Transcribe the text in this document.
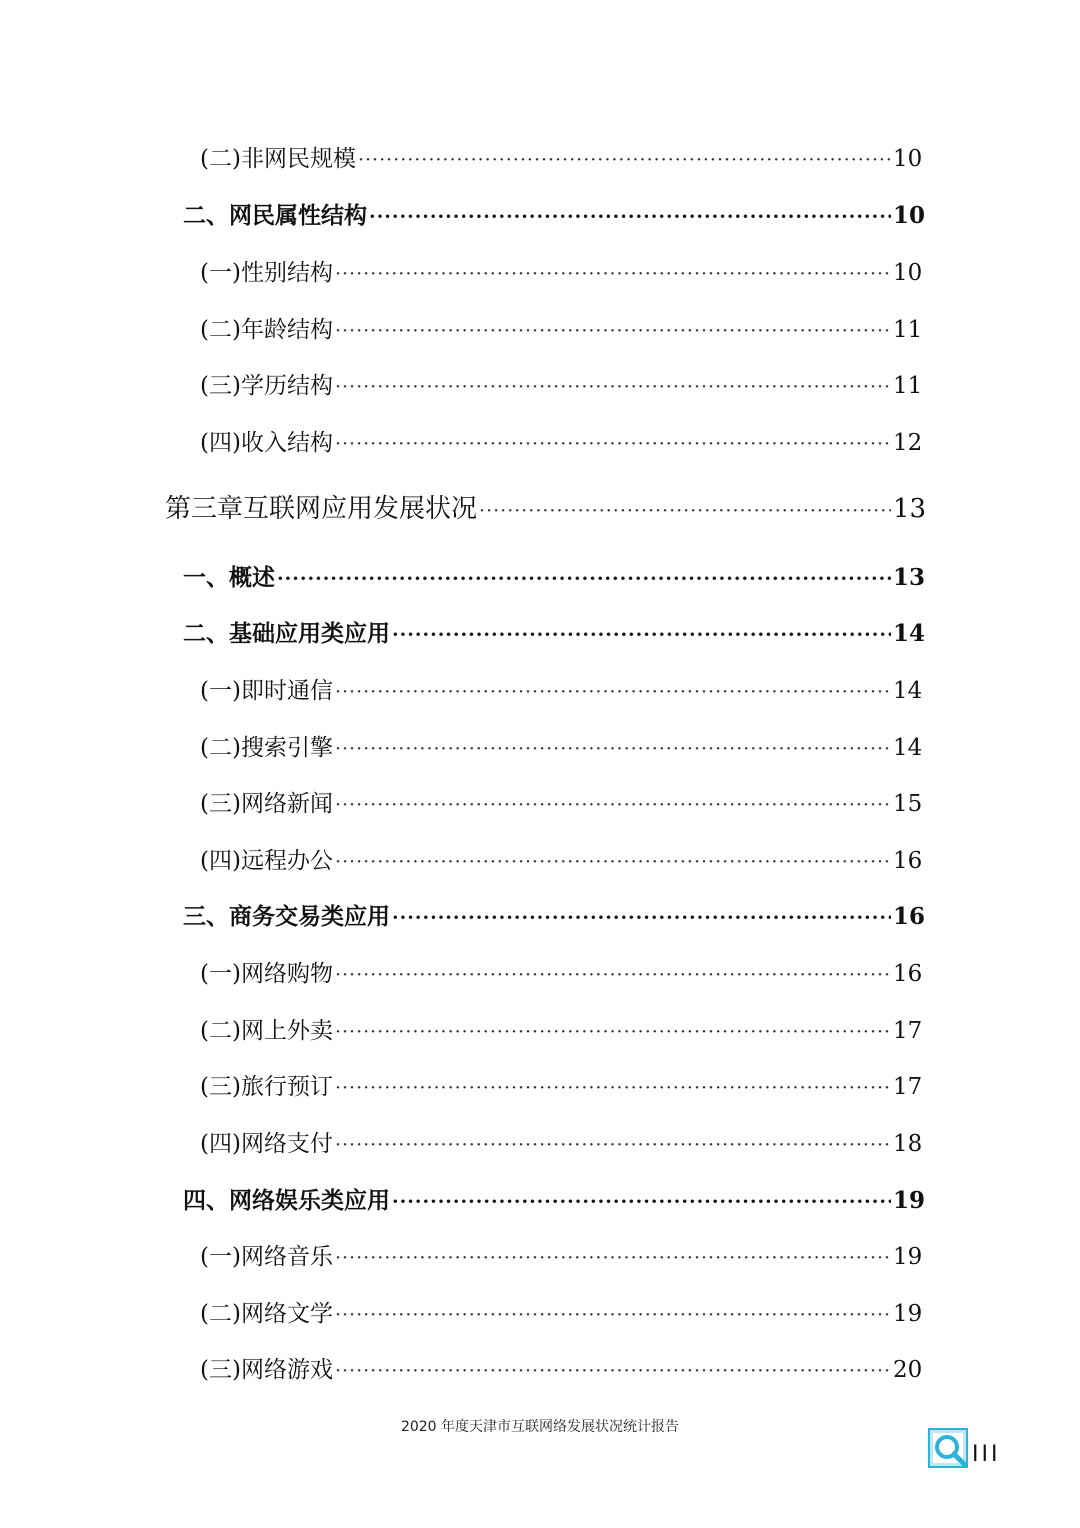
(二) 非网民规模 ·····	10
二、 网民属性结构 ·····	10
(一) 性别结构 ·····	10
(二) 年龄结构 ·····	11
(三) 学历结构 ·····	11
(四) 收入结构 ·····	12
第三章 互联网应用发展状况 ·····	13
一、 概述 ·····	13
二、 基础应用类应用 ·····	14
(一) 即时通信 ·····	14
(二) 搜索引擎 ·····	14
(三) 网络新闻 ·····	15
(四) 远程办公 ·····	16
三、 商务交易类应用 ·····	16
(一) 网络购物 ·····	16
(二) 网上外卖 ·····	17
(三) 旅行预订 ·····	17
(四) 网络支付 ·····	18
四、 网络娱乐类应用 ·····	19
(一) 网络音乐 ·····	19
(二) 网络文学 ·····	19
(三) 网络游戏 ·····	20
2020 年度天津市互联网络发展状况统计报告
III
